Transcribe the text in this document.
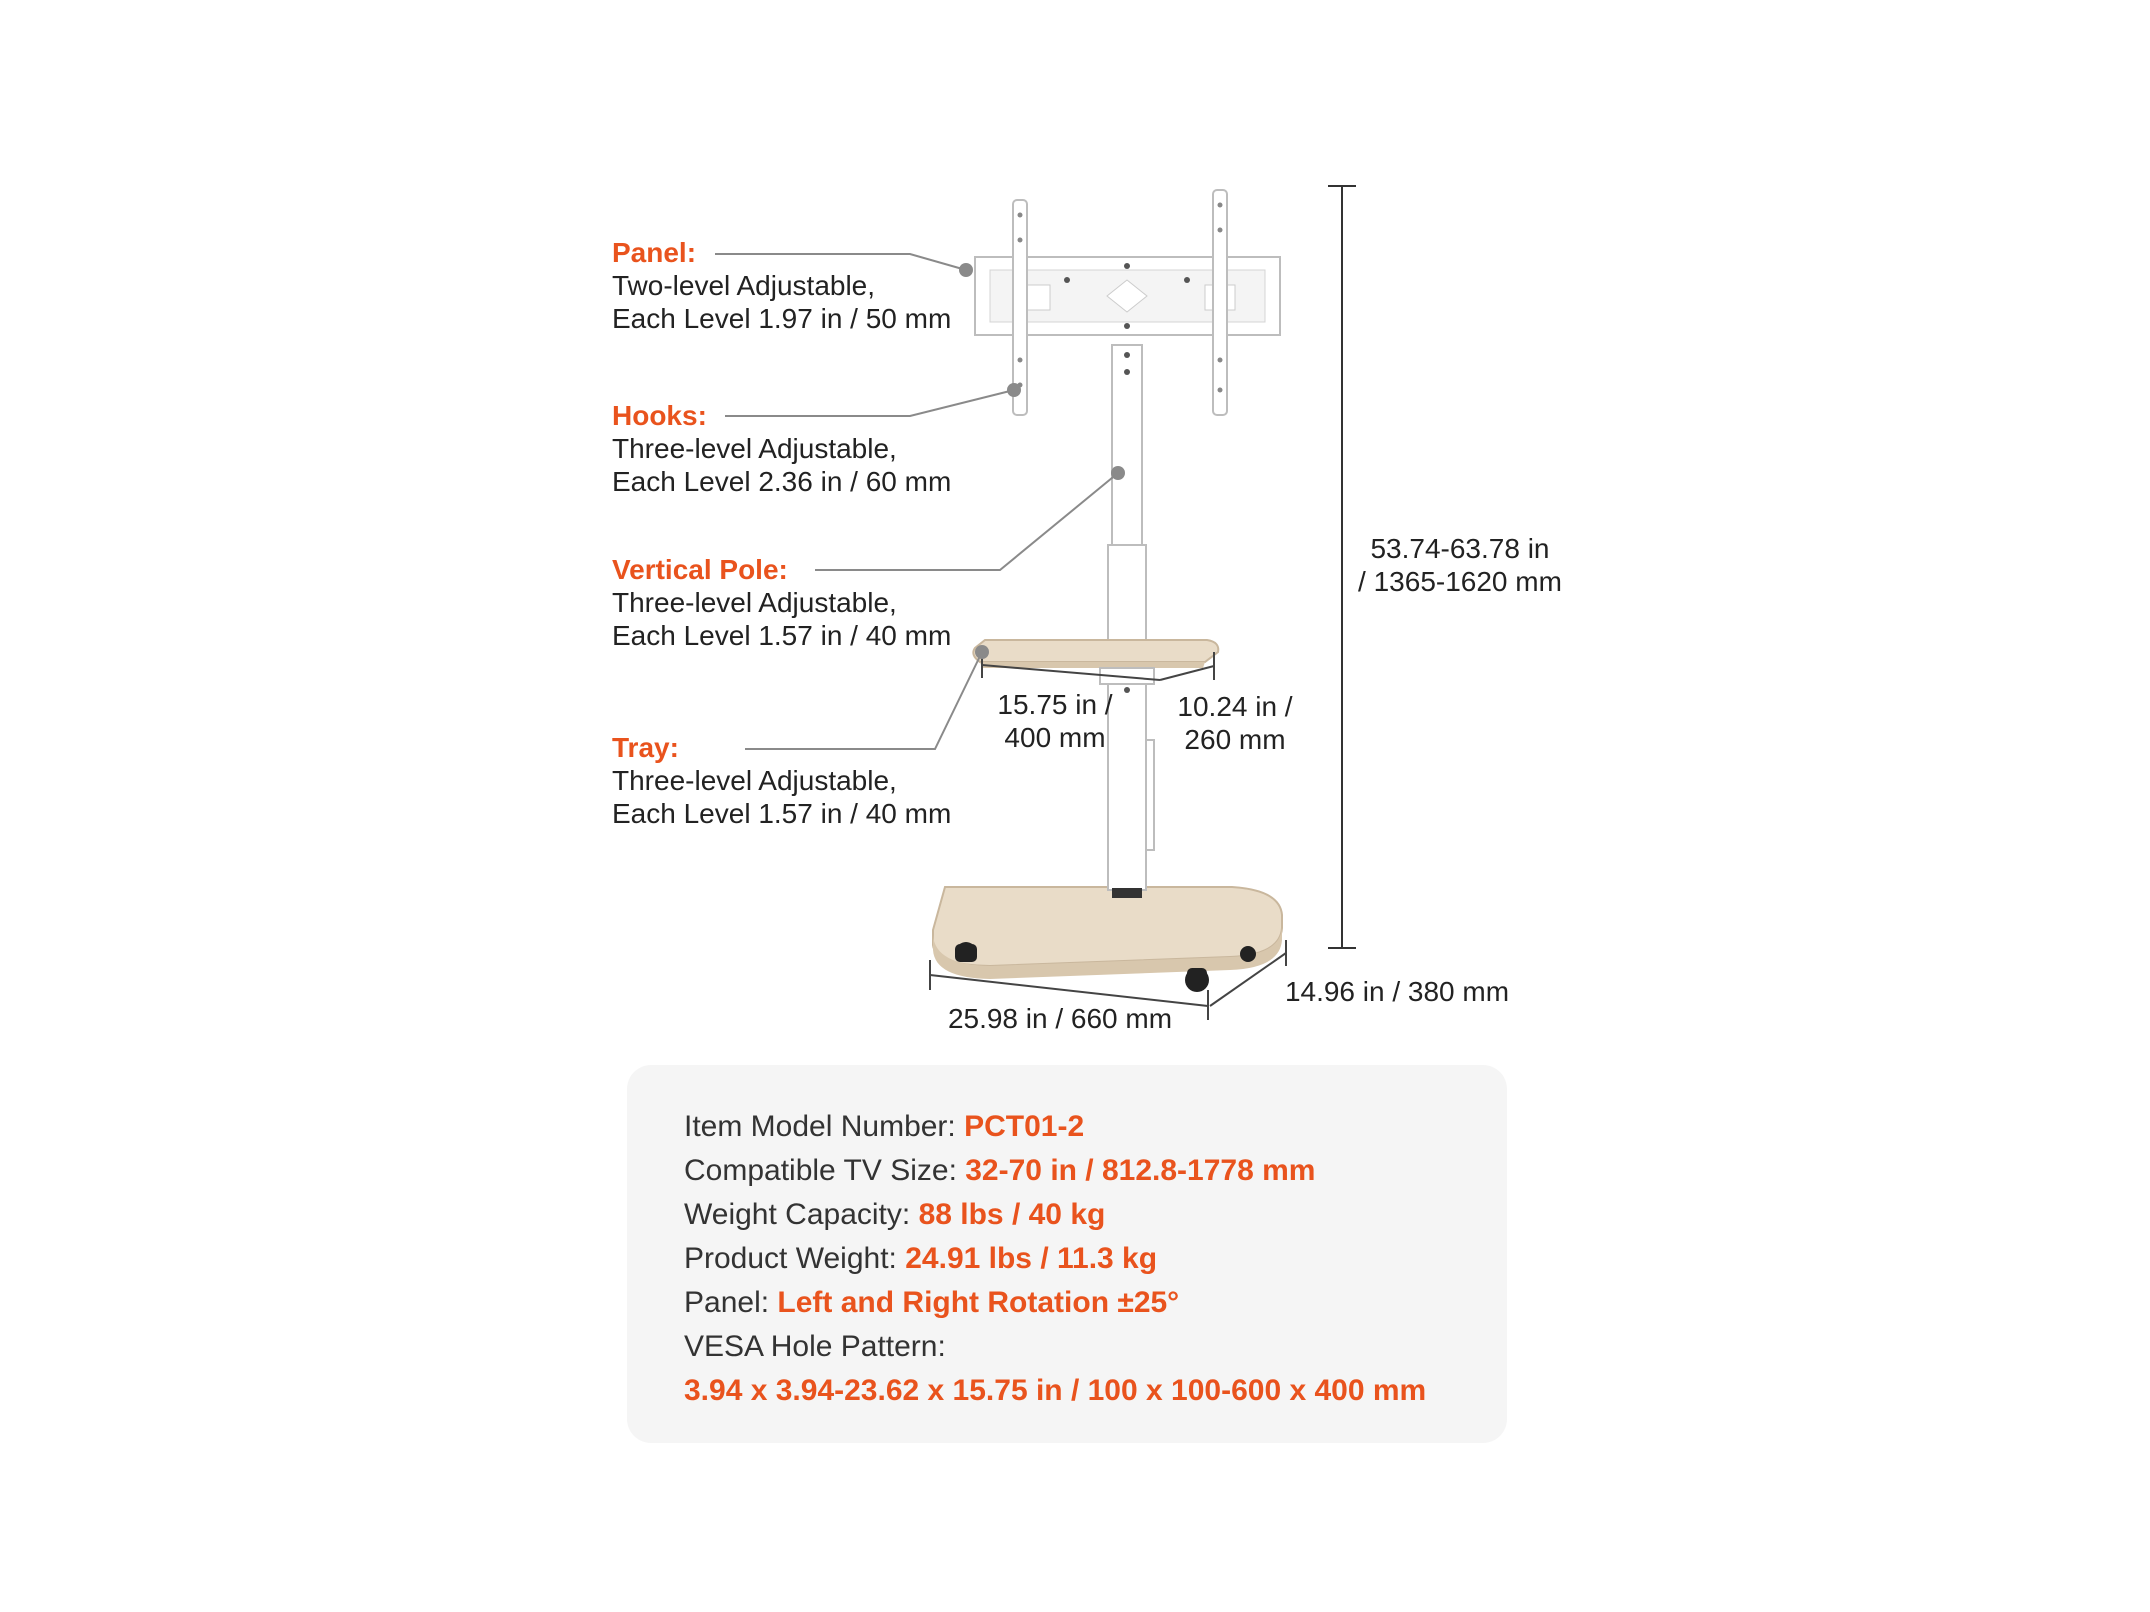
Panel:
Two-level Adjustable,
Each Level 1.97 in / 50 mm
Hooks:
Three-level Adjustable,
Each Level 2.36 in / 60 mm
Vertical Pole:
Three-level Adjustable,
Each Level 1.57 in / 40 mm
Tray:
Three-level Adjustable,
Each Level 1.57 in / 40 mm
53.74-63.78 in
/ 1365-1620 mm
15.75 in /
400 mm
10.24 in /
260 mm
25.98 in / 660 mm
14.96 in / 380 mm
Item Model Number: PCT01-2
Compatible TV Size: 32-70 in / 812.8-1778 mm
Weight Capacity: 88 lbs / 40 kg
Product Weight: 24.91 lbs / 11.3 kg
Panel: Left and Right Rotation ±25°
VESA Hole Pattern:
3.94 x 3.94-23.62 x 15.75 in / 100 x 100-600 x 400 mm
